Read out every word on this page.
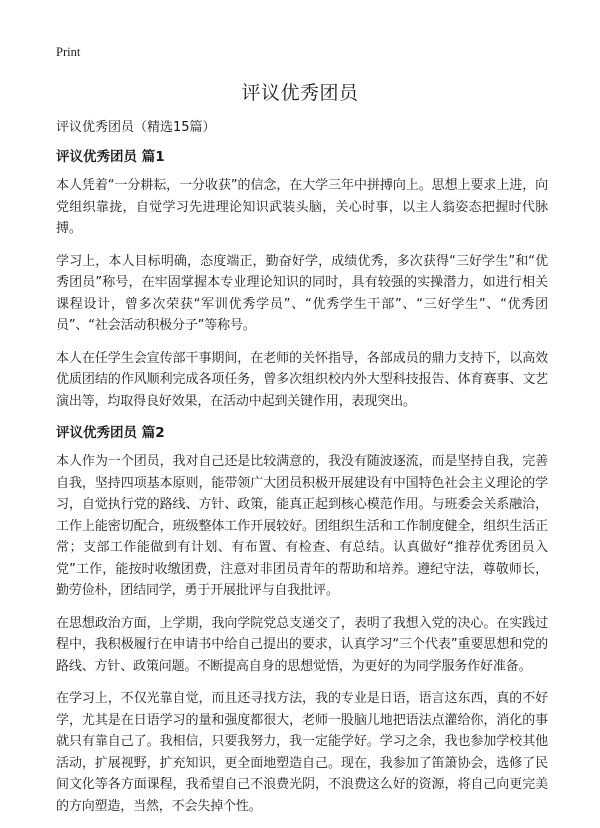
Print
评议优秀团员

评议优秀团员（精选15篇）

评议优秀团员 篇1

本人凭着“一分耕耘，一分收获”的信念，在大学三年中拼搏向上。思想上要求上进，向党组织靠拢，自觉学习先进理论知识武装头脑，关心时事，以主人翁姿态把握时代脉搏。

学习上，本人目标明确，态度端正，勤奋好学，成绩优秀，多次获得“三好学生”和“优秀团员”称号，在牢固掌握本专业理论知识的同时，具有较强的实操潜力，如进行相关课程设计，曾多次荣获“军训优秀学员”、“优秀学生干部”、“三好学生”、“优秀团员”、“社会活动积极分子”等称号。

本人在任学生会宣传部干事期间，在老师的关怀指导，各部成员的鼎力支持下，以高效优质团结的作风顺利完成各项任务，曾多次组织校内外大型科技报告、体育赛事、文艺演出等，均取得良好效果，在活动中起到关键作用，表现突出。

评议优秀团员 篇2

本人作为一个团员，我对自己还是比较满意的，我没有随波逐流，而是坚持自我，完善自我，坚持四项基本原则，能带领广大团员积极开展建设有中国特色社会主义理论的学习，自觉执行党的路线、方针、政策，能真正起到核心模范作用。与班委会关系融洽，工作上能密切配合，班级整体工作开展较好。团组织生活和工作制度健全，组织生活正常；支部工作能做到有计划、有布置、有检查、有总结。认真做好“推荐优秀团员入党”工作，能按时收缴团费，注意对非团员青年的帮助和培养。遵纪守法，尊敬师长，勤劳俭朴，团结同学，勇于开展批评与自我批评。

在思想政治方面，上学期，我向学院党总支递交了，表明了我想入党的决心。在实践过程中，我积极履行在申请书中给自己提出的要求，认真学习“三个代表”重要思想和党的路线、方针、政策问题。不断提高自身的思想觉悟，为更好的为同学服务作好准备。

在学习上，不仅光靠自觉，而且还寻找方法，我的专业是日语，语言这东西，真的不好学，尤其是在日语学习的量和强度都很大，老师一股脑儿地把语法点灌给你，消化的事就只有靠自己了。我相信，只要我努力，我一定能学好。学习之余，我也参加学校其他活动，扩展视野，扩充知识，更全面地塑造自己。现在，我参加了笛箫协会，选修了民间文化等各方面课程，我希望自己不浪费光阴，不浪费这么好的资源，将自己向更完美的方向塑造，当然，不会失掉个性。
